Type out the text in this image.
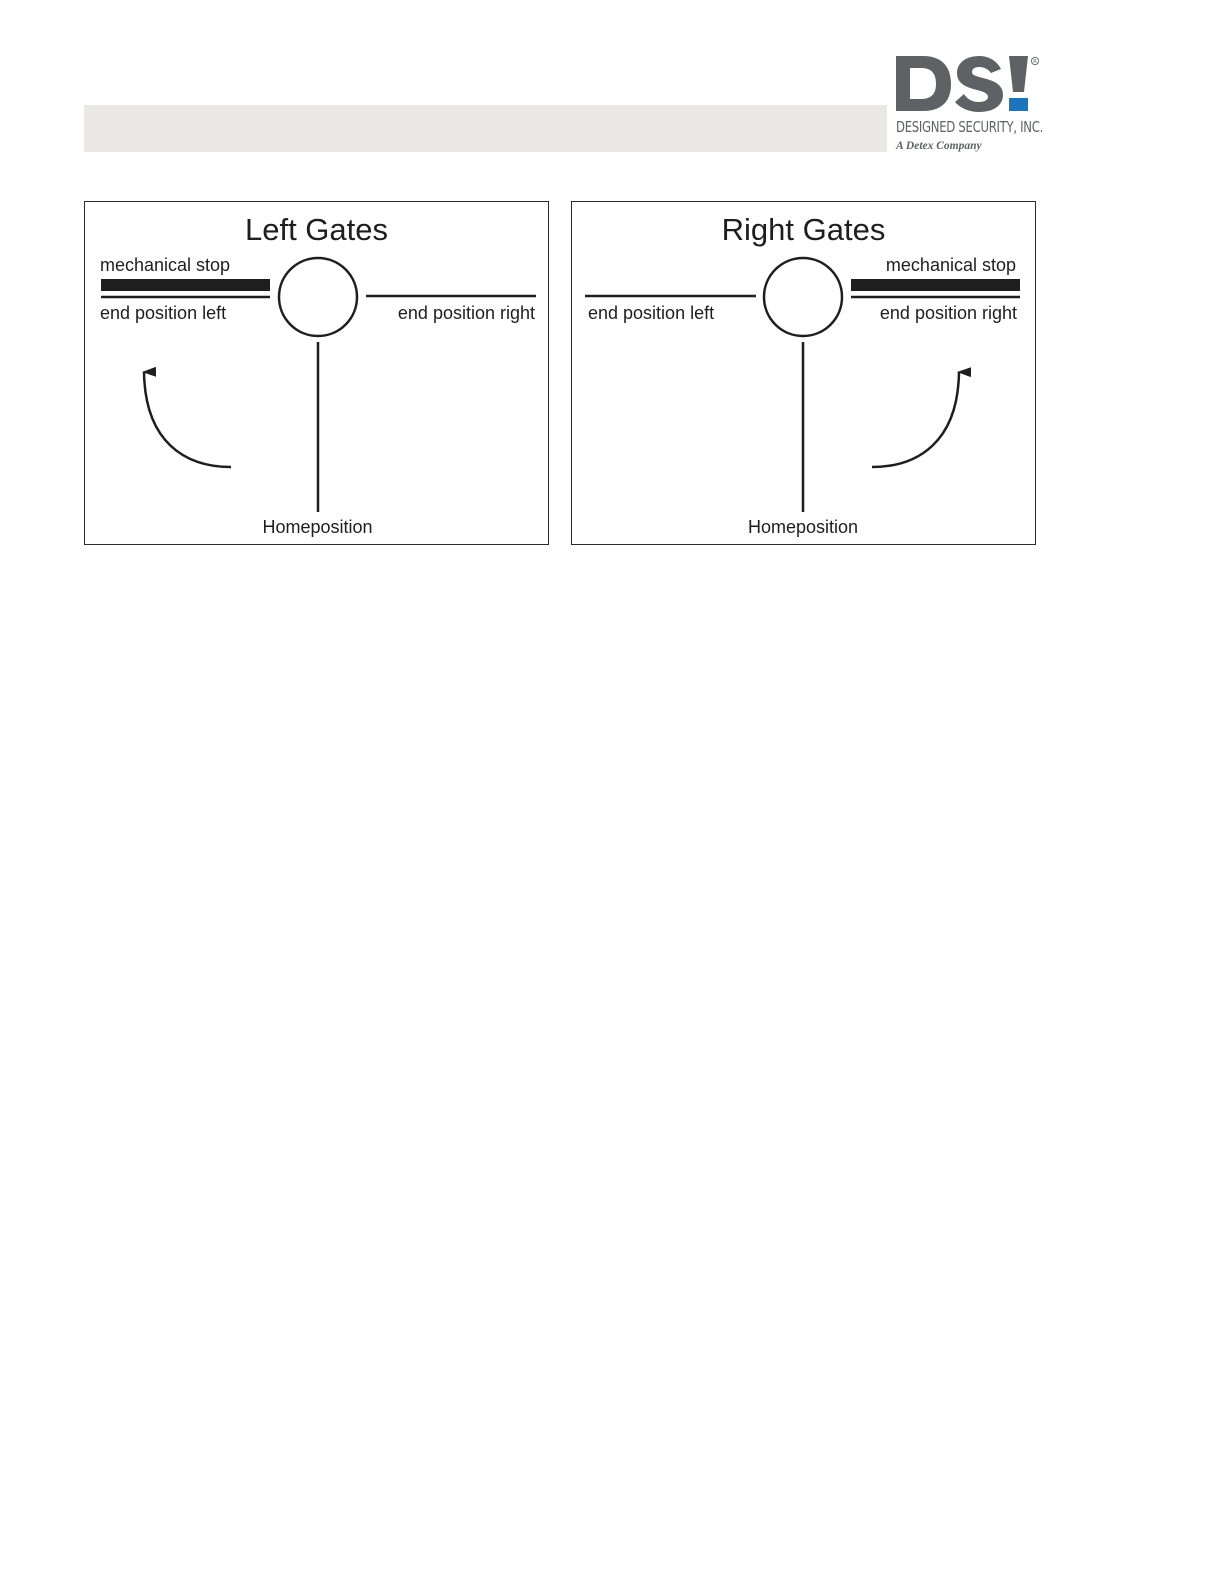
R
DESIGNED SECURITY, INC.
A Detex Company
Left Gates
mechanical stop
end position left	end position right
Homeposition
Right Gates
mechanical stop
end position left	end position right
Homeposition
